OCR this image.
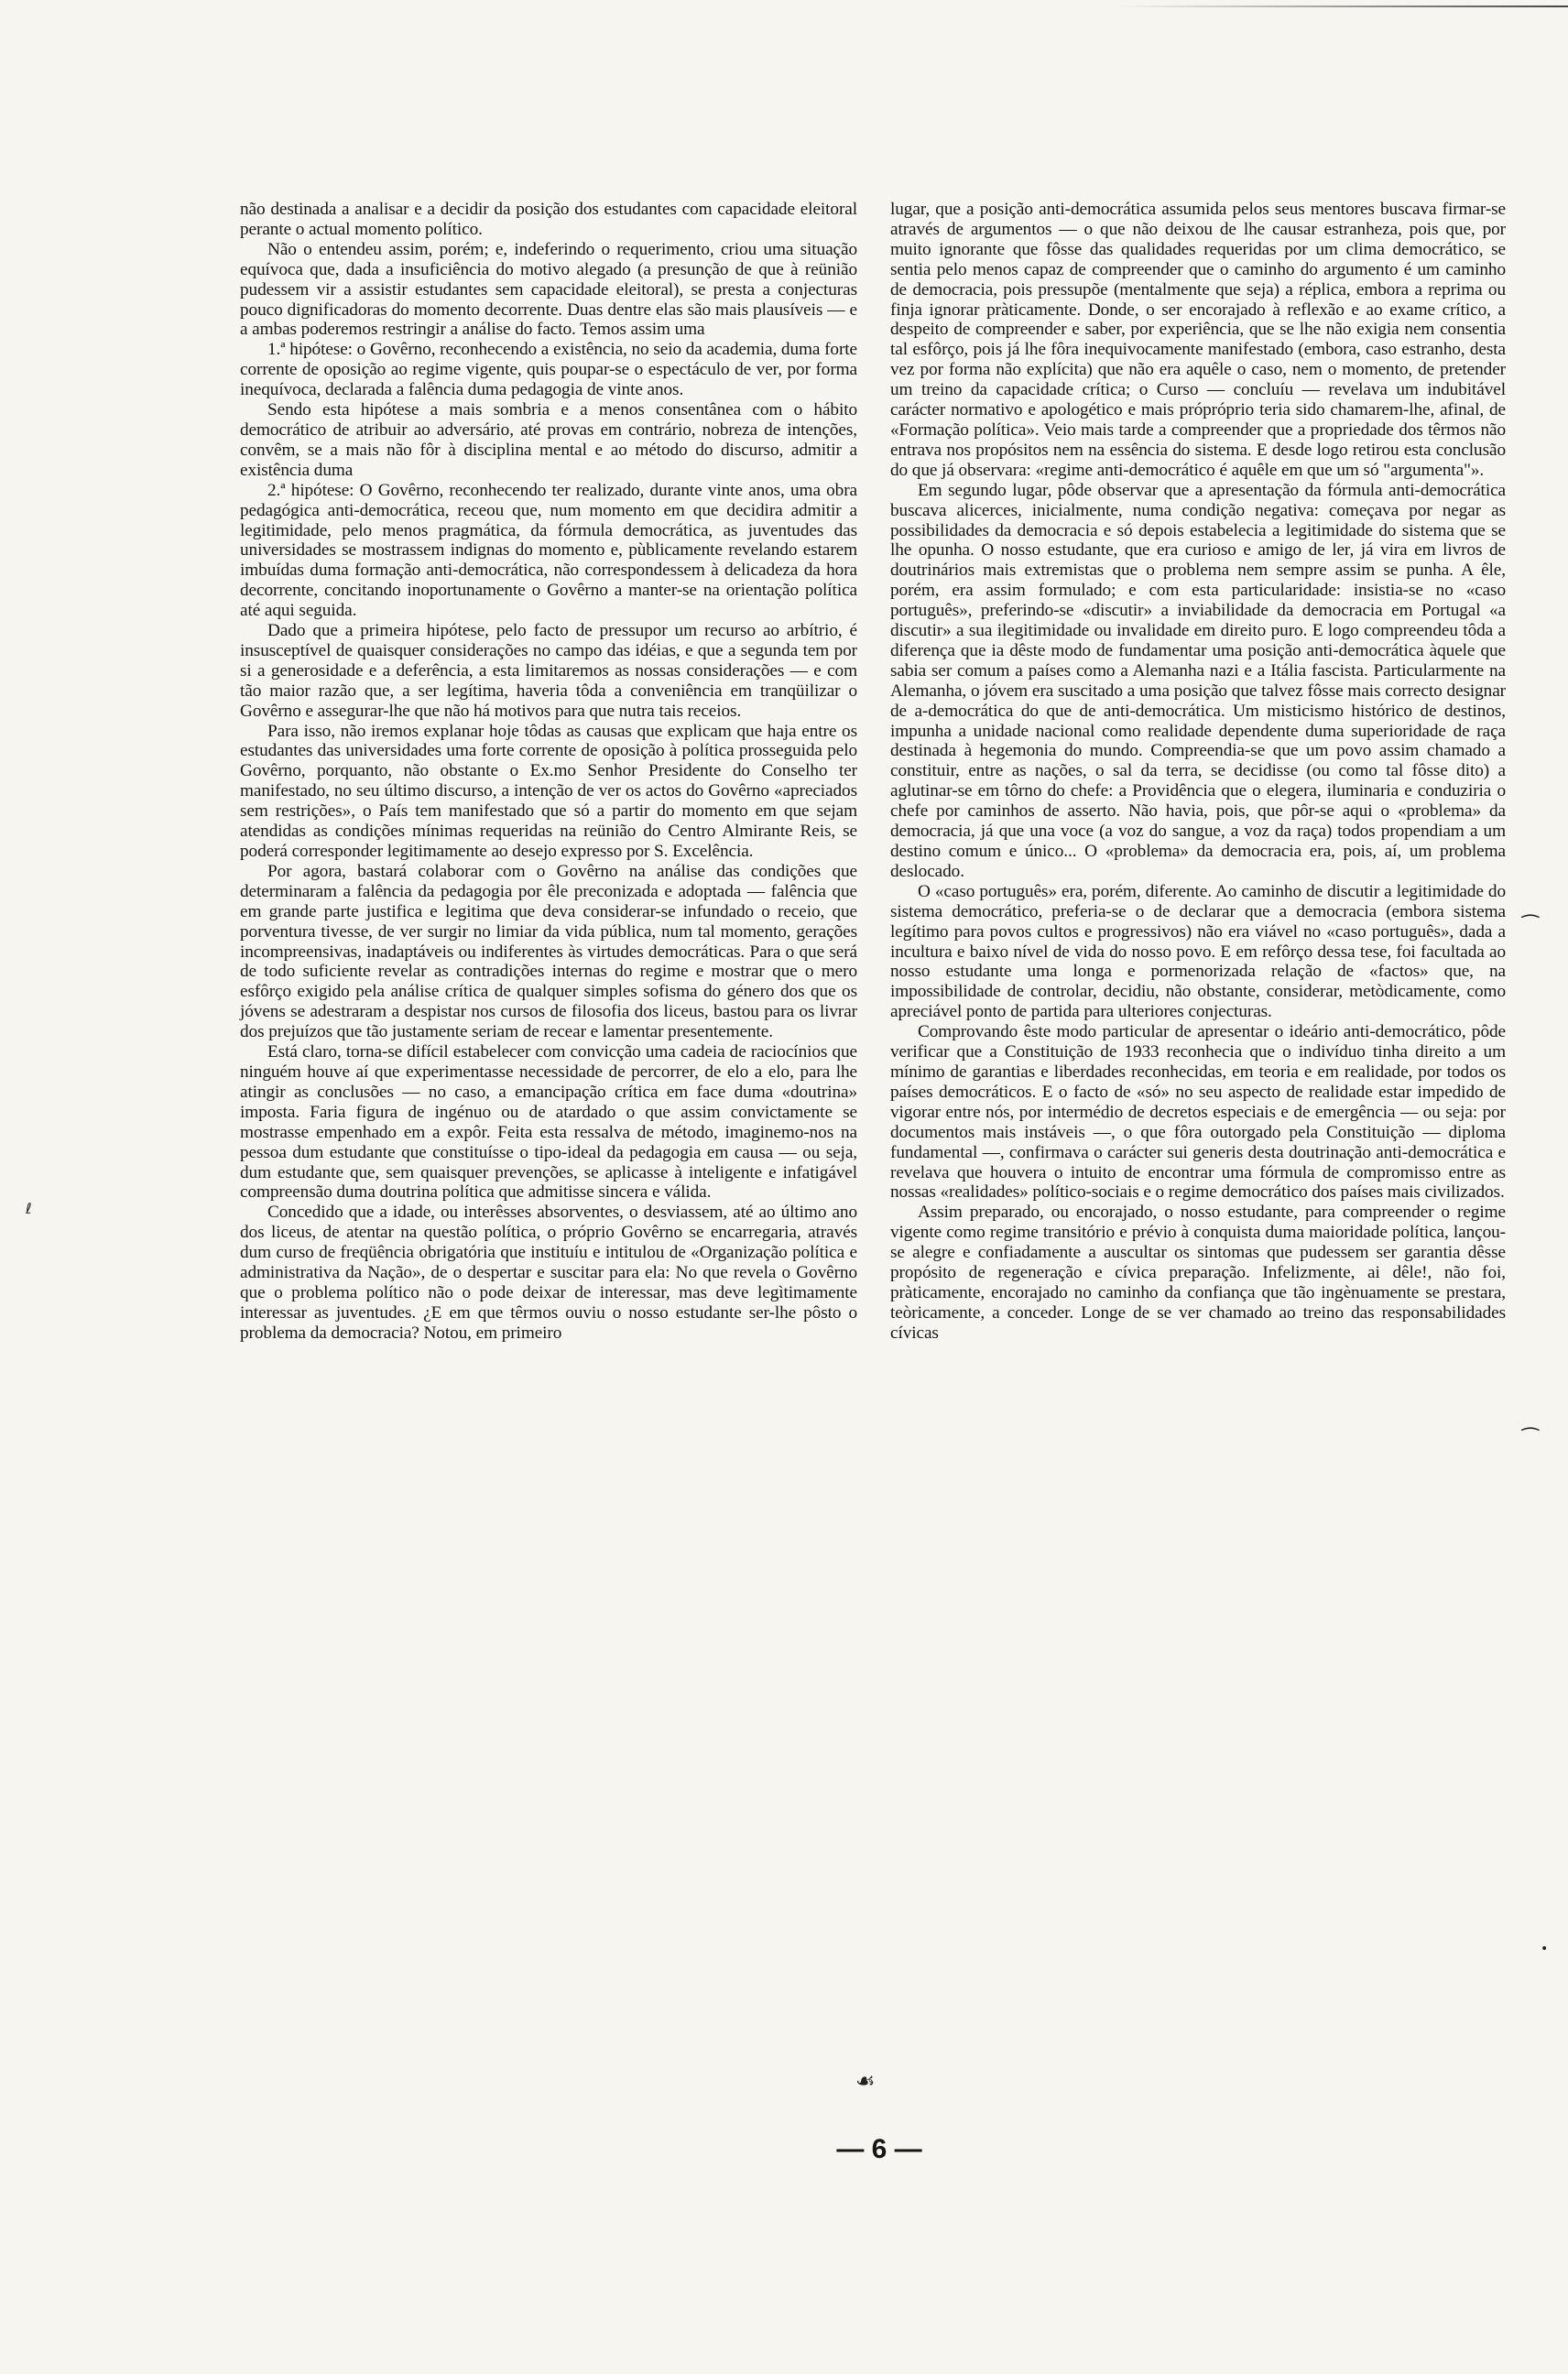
não destinada a analisar e a decidir da posição dos estudantes com capacidade eleitoral perante o actual momento político.

Não o entendeu assim, porém; e, indeferindo o requerimento, criou uma situação equívoca que, dada a insuficiência do motivo alegado (a presunção de que à reünião pudessem vir a assistir estudantes sem capacidade eleitoral), se presta a conjecturas pouco dignificadoras do momento decorrente. Duas dentre elas são mais plausíveis — e a ambas poderemos restringir a análise do facto. Temos assim uma

1.ª hipótese: o Govêrno, reconhecendo a existência, no seio da academia, duma forte corrente de oposição ao regime vigente, quis poupar-se o espectáculo de ver, por forma inequívoca, declarada a falência duma pedagogia de vinte anos.

Sendo esta hipótese a mais sombria e a menos consentânea com o hábito democrático de atribuir ao adversário, até provas em contrário, nobreza de intenções, convêm, se a mais não fôr à disciplina mental e ao método do discurso, admitir a existência duma

2.ª hipótese: O Govêrno, reconhecendo ter realizado, durante vinte anos, uma obra pedagógica anti-democrática, receou que, num momento em que decidira admitir a legitimidade, pelo menos pragmática, da fórmula democrática, as juventudes das universidades se mostrassem indignas do momento e, pùblicamente revelando estarem imbuídas duma formação anti-democrática, não correspondessem à delicadeza da hora decorrente, concitando inoportunamente o Govêrno a manter-se na orientação política até aqui seguida.

Dado que a primeira hipótese, pelo facto de pressupor um recurso ao arbítrio, é insusceptível de quaisquer considerações no campo das idéias, e que a segunda tem por si a generosidade e a deferência, a esta limitaremos as nossas considerações — e com tão maior razão que, a ser legítima, haveria tôda a conveniência em tranqüilizar o Govêrno e assegurar-lhe que não há motivos para que nutra tais receios.

Para isso, não iremos explanar hoje tôdas as causas que explicam que haja entre os estudantes das universidades uma forte corrente de oposição à política prosseguida pelo Govêrno, porquanto, não obstante o Ex.mo Senhor Presidente do Conselho ter manifestado, no seu último discurso, a intenção de ver os actos do Govêrno «apreciados sem restrições», o País tem manifestado que só a partir do momento em que sejam atendidas as condições mínimas requeridas na reünião do Centro Almirante Reis, se poderá corresponder legitimamente ao desejo expresso por S. Excelência.

Por agora, bastará colaborar com o Govêrno na análise das condições que determinaram a falência da pedagogia por êle preconizada e adoptada — falência que em grande parte justifica e legitima que deva considerar-se infundado o receio, que porventura tivesse, de ver surgir no limiar da vida pública, num tal momento, gerações incompreensivas, inadaptáveis ou indiferentes às virtudes democráticas. Para o que será de todo suficiente revelar as contradições internas do regime e mostrar que o mero esfôrço exigido pela análise crítica de qualquer simples sofisma do género dos que os jóvens se adestraram a despistar nos cursos de filosofia dos liceus, bastou para os livrar dos prejuízos que tão justamente seriam de recear e lamentar presentemente.

Está claro, torna-se difícil estabelecer com convicção uma cadeia de raciocínios que ninguém houve aí que experimentasse necessidade de percorrer, de elo a elo, para lhe atingir as conclusões — no caso, a emancipação crítica em face duma «doutrina» imposta. Faria figura de ingénuo ou de atardado o que assim convictamente se mostrasse empenhado em a expôr. Feita esta ressalva de método, imaginemo-nos na pessoa dum estudante que constituísse o tipo-ideal da pedagogia em causa — ou seja, dum estudante que, sem quaisquer prevenções, se aplicasse à inteligente e infatigável compreensão duma doutrina política que admitisse sincera e válida.

Concedido que a idade, ou interêsses absorventes, o desviassem, até ao último ano dos liceus, de atentar na questão política, o próprio Govêrno se encarregaria, através dum curso de freqüência obrigatória que instituíu e intitulou de «Organização política e administrativa da Nação», de o despertar e suscitar para ela: No que revela o Govêrno que o problema político não o pode deixar de interessar, mas deve legìtimamente interessar as juventudes. ¿E em que têrmos ouviu o nosso estudante ser-lhe pôsto o problema da democracia? Notou, em primeiro

lugar, que a posição anti-democrática assumida pelos seus mentores buscava firmar-se através de argumentos — o que não deixou de lhe causar estranheza, pois que, por muito ignorante que fôsse das qualidades requeridas por um clima democrático, se sentia pelo menos capaz de compreender que o caminho do argumento é um caminho de democracia, pois pressupõe (mentalmente que seja) a réplica, embora a reprima ou finja ignorar pràticamente. Donde, o ser encorajado à reflexão e ao exame crítico, a despeito de compreender e saber, por experiência, que se lhe não exigia nem consentia tal esfôrço, pois já lhe fôra inequivocamente manifestado (embora, caso estranho, desta vez por forma não explícita) que não era aquêle o caso, nem o momento, de pretender um treino da capacidade crítica; o Curso — concluíu — revelava um indubitável carácter normativo e apologético e mais própróprio teria sido chamarem-lhe, afinal, de «Formação política». Veio mais tarde a compreender que a propriedade dos têrmos não entrava nos propósitos nem na essência do sistema. E desde logo retirou esta conclusão do que já observara: «regime anti-democrático é aquêle em que um só "argumenta"».

Em segundo lugar, pôde observar que a apresentação da fórmula anti-democrática buscava alicerces, inicialmente, numa condição negativa: começava por negar as possibilidades da democracia e só depois estabelecia a legitimidade do sistema que se lhe opunha. O nosso estudante, que era curioso e amigo de ler, já vira em livros de doutrinários mais extremistas que o problema nem sempre assim se punha. A êle, porém, era assim formulado; e com esta particularidade: insistia-se no «caso português», preferindo-se «discutir» a inviabilidade da democracia em Portugal «a discutir» a sua ilegitimidade ou invalidade em direito puro. E logo compreendeu tôda a diferença que ia dêste modo de fundamentar uma posição anti-democrática àquele que sabia ser comum a países como a Alemanha nazi e a Itália fascista. Particularmente na Alemanha, o jóvem era suscitado a uma posição que talvez fôsse mais correcto designar de a-democrática do que de anti-democrática. Um misticismo histórico de destinos, impunha a unidade nacional como realidade dependente duma superioridade de raça destinada à hegemonia do mundo. Compreendia-se que um povo assim chamado a constituir, entre as nações, o sal da terra, se decidisse (ou como tal fôsse dito) a aglutinar-se em tôrno do chefe: a Providência que o elegera, iluminaria e conduziria o chefe por caminhos de asserto. Não havia, pois, que pôr-se aqui o «problema» da democracia, já que una voce (a voz do sangue, a voz da raça) todos propendiam a um destino comum e único... O «problema» da democracia era, pois, aí, um problema deslocado.

O «caso português» era, porém, diferente. Ao caminho de discutir a legitimidade do sistema democrático, preferia-se o de declarar que a democracia (embora sistema legítimo para povos cultos e progressivos) não era viável no «caso português», dada a incultura e baixo nível de vida do nosso povo. E em refôrço dessa tese, foi facultada ao nosso estudante uma longa e pormenorizada relação de «factos» que, na impossibilidade de controlar, decidiu, não obstante, considerar, metòdicamente, como apreciável ponto de partida para ulteriores conjecturas.

Comprovando êste modo particular de apresentar o ideário anti-democrático, pôde verificar que a Constituição de 1933 reconhecia que o indivíduo tinha direito a um mínimo de garantias e liberdades reconhecidas, em teoria e em realidade, por todos os países democráticos. E o facto de «só» no seu aspecto de realidade estar impedido de vigorar entre nós, por intermédio de decretos especiais e de emergência — ou seja: por documentos mais instáveis —, o que fôra outorgado pela Constituição — diploma fundamental —, confirmava o carácter sui generis desta doutrinação anti-democrática e revelava que houvera o intuito de encontrar uma fórmula de compromisso entre as nossas «realidades» político-sociais e o regime democrático dos países mais civilizados.

Assim preparado, ou encorajado, o nosso estudante, para compreender o regime vigente como regime transitório e prévio à conquista duma maioridade política, lançou-se alegre e confiadamente a auscultar os sintomas que pudessem ser garantia dêsse propósito de regeneração e cívica preparação. Infelizmente, ai dêle!, não foi, pràticamente, encorajado no caminho da confiança que tão ingènuamente se prestara, teòricamente, a conceder. Longe de se ver chamado ao treino das responsabilidades cívicas

— 6 —
⁀
⁀
•
ℓ
☙
